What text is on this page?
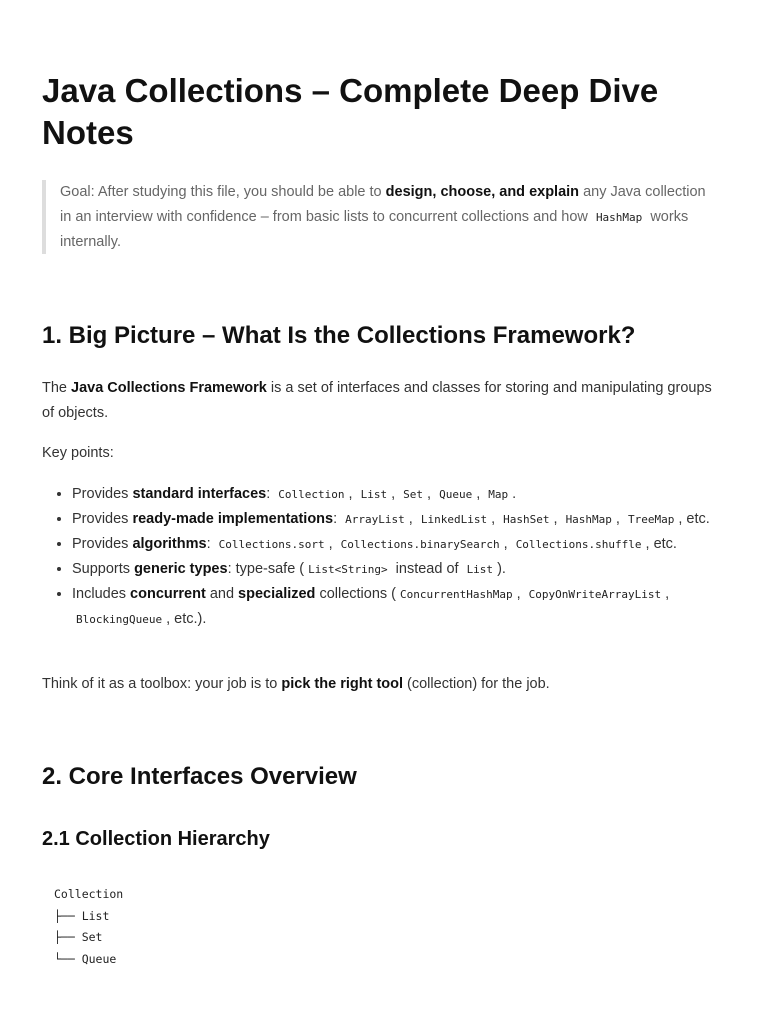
Java Collections – Complete Deep Dive Notes
Goal: After studying this file, you should be able to design, choose, and explain any Java collection in an interview with confidence – from basic lists to concurrent collections and how HashMap works internally.
1. Big Picture – What Is the Collections Framework?

The Java Collections Framework is a set of interfaces and classes for storing and manipulating groups of objects.

Key points:

• Provides standard interfaces: Collection , List , Set , Queue , Map .
• Provides ready-made implementations: ArrayList , LinkedList , HashSet , HashMap , TreeMap , etc.
• Provides algorithms: Collections.sort , Collections.binarySearch , Collections.shuffle , etc.
• Supports generic types: type-safe ( List<String> instead of List ).
• Includes concurrent and specialized collections ( ConcurrentHashMap , CopyOnWriteArrayList , BlockingQueue , etc.).

Think of it as a toolbox: your job is to pick the right tool (collection) for the job.

2. Core Interfaces Overview
2.1 Collection Hierarchy
Collection
├── List
├── Set
└── Queue
